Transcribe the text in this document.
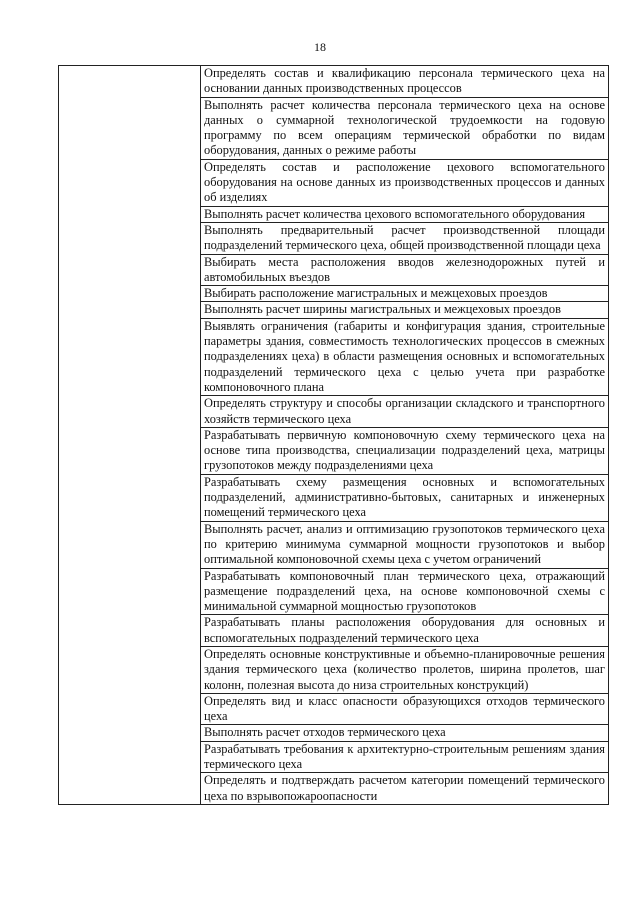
18
	Определять состав и квалификацию персонала термического цеха на основании данных производственных процессов
Выполнять расчет количества персонала термического цеха на основе данных о суммарной технологической трудоемкости на годовую программу по всем операциям термической обработки по видам оборудования, данных о режиме работы
Определять состав и расположение цехового вспомогательного оборудования на основе данных из производственных процессов и данных об изделиях
Выполнять расчет количества цехового вспомогательного оборудования
Выполнять предварительный расчет производственной площади подразделений термического цеха, общей производственной площади цеха
Выбирать места расположения вводов железнодорожных путей и автомобильных въездов
Выбирать расположение магистральных и межцеховых проездов
Выполнять расчет ширины магистральных и межцеховых проездов
Выявлять ограничения (габариты и конфигурация здания, строительные параметры здания, совместимость технологических процессов в смежных подразделениях цеха) в области размещения основных и вспомогательных подразделений термического цеха с целью учета при разработке компоновочного плана
Определять структуру и способы организации складского и транспортного хозяйств термического цеха
Разрабатывать первичную компоновочную схему термического цеха на основе типа производства, специализации подразделений цеха, матрицы грузопотоков между подразделениями цеха
Разрабатывать схему размещения основных и вспомогательных подразделений, административно-бытовых, санитарных и инженерных помещений термического цеха
Выполнять расчет, анализ и оптимизацию грузопотоков термического цеха по критерию минимума суммарной мощности грузопотоков и выбор оптимальной компоновочной схемы цеха с учетом ограничений
Разрабатывать компоновочный план термического цеха, отражающий размещение подразделений цеха, на основе компоновочной схемы с минимальной суммарной мощностью грузопотоков
Разрабатывать планы расположения оборудования для основных и вспомогательных подразделений термического цеха
Определять основные конструктивные и объемно-планировочные решения здания термического цеха (количество пролетов, ширина пролетов, шаг колонн, полезная высота до низа строительных конструкций)
Определять вид и класс опасности образующихся отходов термического цеха
Выполнять расчет отходов термического цеха
Разрабатывать требования к архитектурно-строительным решениям здания термического цеха
Определять и подтверждать расчетом категории помещений термического цеха по взрывопожароопасности
